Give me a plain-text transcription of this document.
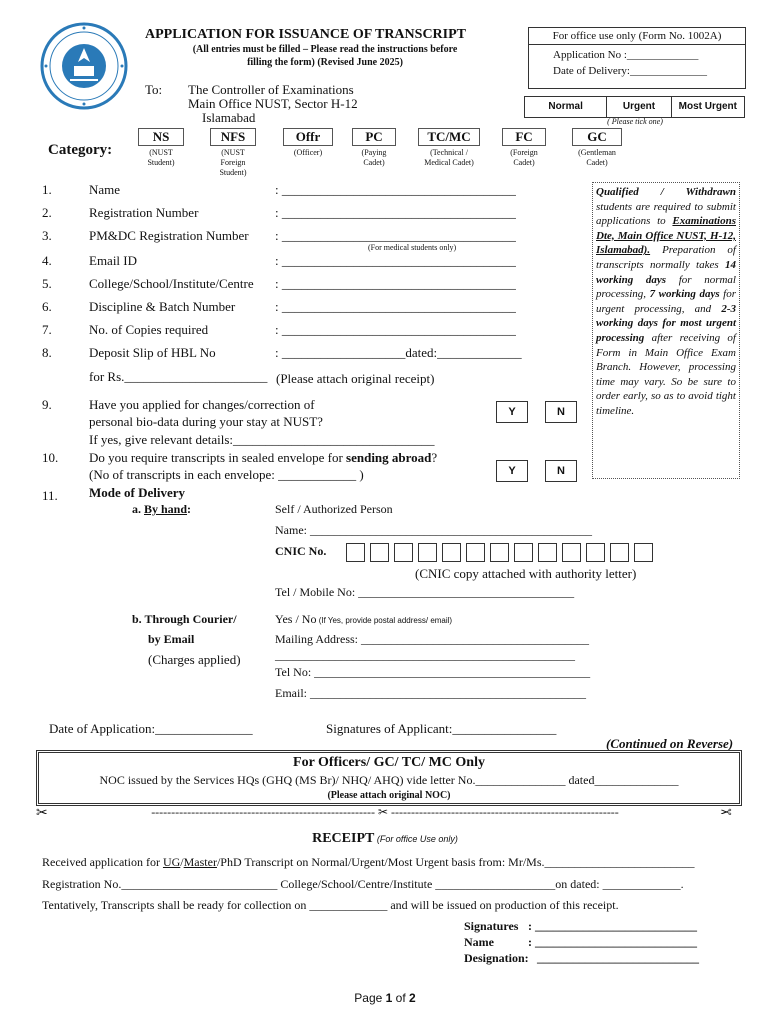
APPLICATION FOR ISSUANCE OF TRANSCRIPT
(All entries must be filled – Please read the instructions before
filling the form) (Revised June 2025)
To: The Controller of Examinations
Main Office NUST, Sector H-12
Islamabad
For office use only (Form No. 1002A)
Application No :_____________
Date of Delivery:______________
Normal	Urgent	Most Urgent
( Please tick one)
Category:
NS
(NUST
Student)
NFS
(NUST
Foreign
Student)
Offr
(Officer)
PC
(Paying
Cadet)
TC/MC
(Technical /
Medical Cadet)
FC
(Foreign
Cadet)
GC
(Gentleman
Cadet)
1.	Name	: ____________________________________
2.	Registration Number	: ____________________________________
3.	PM&DC Registration Number : ____________________________________
(For medical students only)
4.	Email ID	: ____________________________________
5.	College/School/Institute/Centre : ____________________________________
6.	Discipline & Batch Number	: ____________________________________
7.	No. of Copies required	: ____________________________________
8.	Deposit Slip of HBL No	: ___________________dated:_____________
for Rs.______________________ (Please attach original receipt)
Qualified / Withdrawn students are required to submit applications to Examinations Dte, Main Office NUST, H-12, Islamabad). Preparation of transcripts normally takes 14 working days for normal processing, 7 working days for urgent processing, and 2-3 working days for most urgent processing after receiving of Form in Main Office Exam Branch. However, processing time may vary. So be sure to order early, so as to avoid tight timeline.
9.	Have you applied for changes/correction of
personal bio-data during your stay at NUST?
If yes, give relevant details:_______________________________
Y	N
10. Do you require transcripts in sealed envelope for sending abroad?
(No of transcripts in each envelope: ____________ )	Y	N
11. Mode of Delivery
a. By hand:	Self / Authorized Person
Name: _______________________________________________
CNIC No.
(CNIC copy attached with authority letter)
Tel / Mobile No: ____________________________________
b. Through Courier/
by Email
(Charges applied)
Yes / No (If Yes, provide postal address/ email)
Mailing Address: ______________________________________
__________________________________________________
Tel No: ______________________________________________
Email: ______________________________________________
Date of Application:_______________	Signatures of Applicant:________________
(Continued on Reverse)
For Officers/ GC/ TC/ MC Only
NOC issued by the Services HQs (GHQ (MS Br)/ NHQ/ AHQ) vide letter No._______________ dated______________
(Please attach original NOC)
✂	-------------------------------------------------------- ✂ ---------------------------------------------------------	✂
RECEIPT (For office Use only)
Received application for UG/Master/PhD Transcript on Normal/Urgent/Most Urgent basis from: Mr/Ms._________________________
Registration No.__________________________ College/School/Centre/Institute ____________________on dated: _____________.
Tentatively, Transcripts shall be ready for collection on _____________ and will be issued on production of this receipt.
Signatures : ___________________________
Name	: ___________________________
Designation: ___________________________
Page 1 of 2
